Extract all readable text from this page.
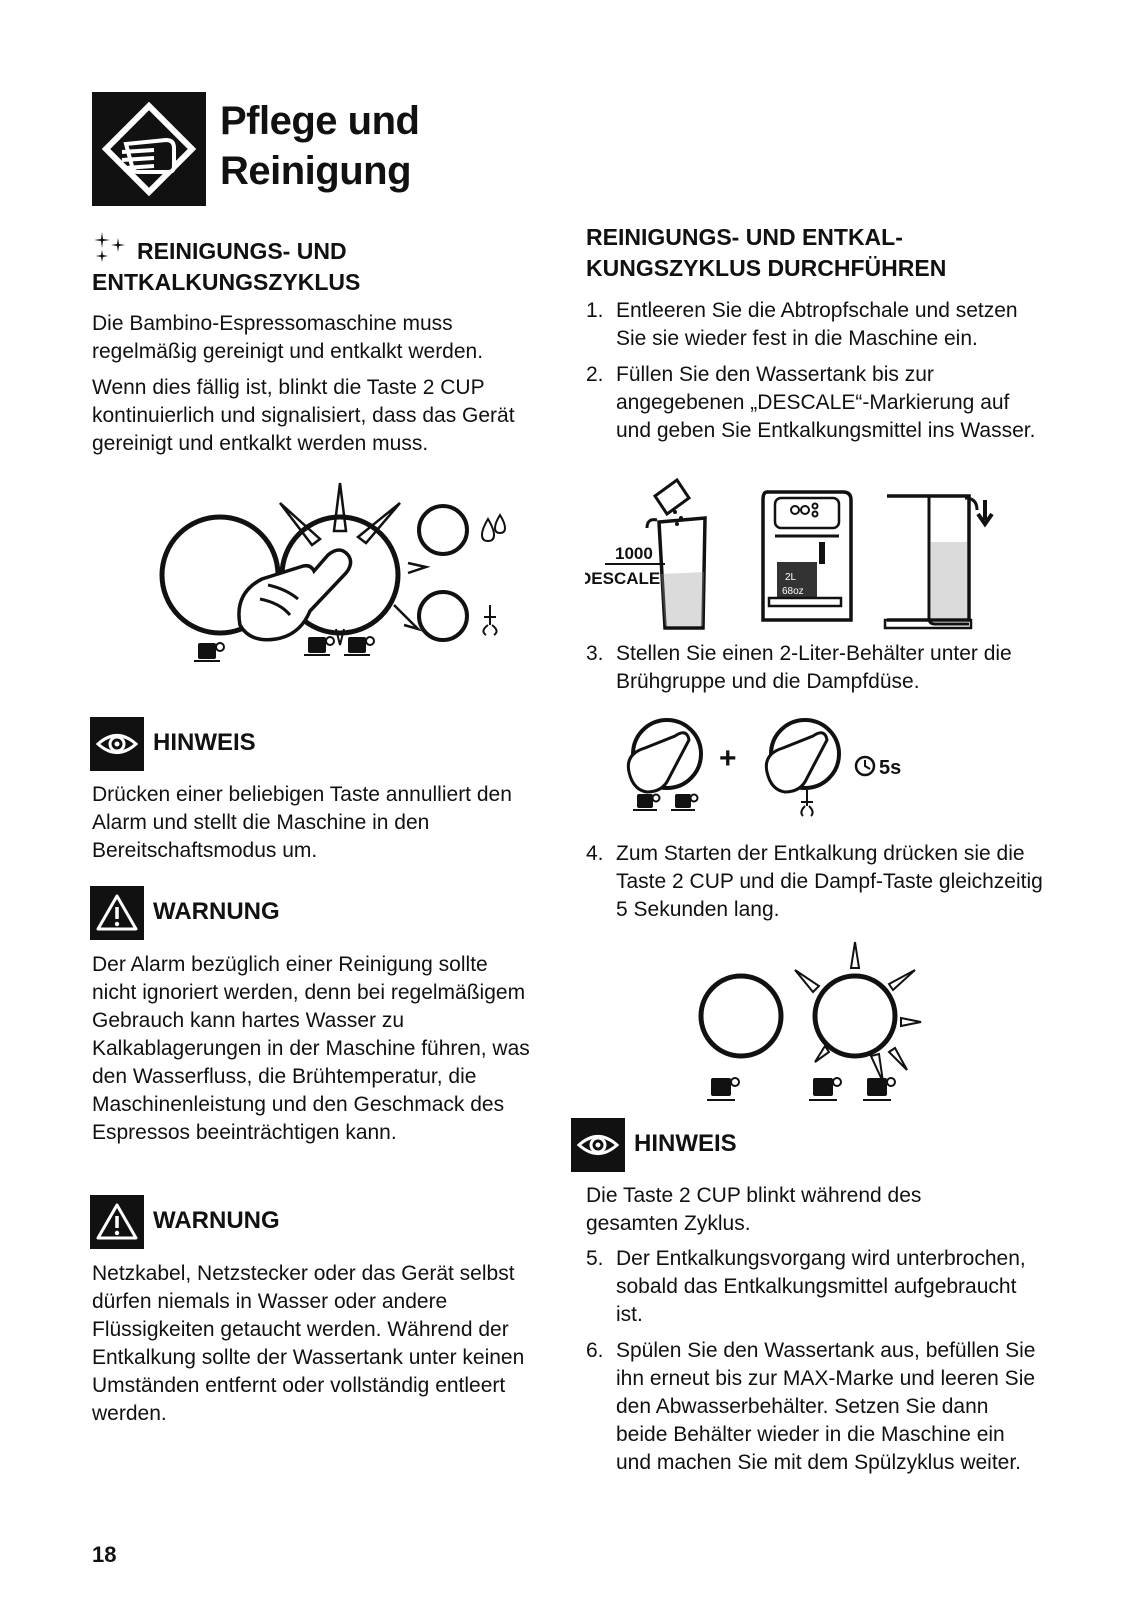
Pflege und
Reinigung
REINIGUNGS- UND
ENTKALKUNGSZYKLUS

Die Bambino-Espressomaschine muss regelmäßig gereinigt und entkalkt werden.

Wenn dies fällig ist, blinkt die Taste 2 CUP kontinuierlich und signalisiert, dass das Gerät gereinigt und entkalkt werden muss.

HINWEIS

Drücken einer beliebigen Taste annulliert den Alarm und stellt die Maschine in den Bereitschaftsmodus um.

WARNUNG

Der Alarm bezüglich einer Reinigung sollte nicht ignoriert werden, denn bei regelmäßigem Gebrauch kann hartes Wasser zu Kalkablagerungen in der Maschine führen, was den Wasserfluss, die Brühtemperatur, die Maschinenleistung und den Geschmack des Espressos beeinträchtigen kann.

WARNUNG

Netzkabel, Netzstecker oder das Gerät selbst dürfen niemals in Wasser oder andere Flüssigkeiten getaucht werden. Während der Entkalkung sollte der Wassertank unter keinen Umständen entfernt oder vollständig entleert werden.

REINIGUNGS- UND ENTKAL-
KUNGSZYKLUS DURCHFÜHREN
1. Entleeren Sie die Abtropfschale und setzen Sie sie wieder fest in die Maschine ein.
2. Füllen Sie den Wassertank bis zur angegebenen „DESCALE“-Markierung auf und geben Sie Entkalkungsmittel ins Wasser.
1000
DESCALE	2L
68oz
3. Stellen Sie einen 2-Liter-Behälter unter die Brühgruppe und die Dampfdüse.
+	5s
4. Zum Starten der Entkalkung drücken sie die Taste 2 CUP und die Dampf-Taste gleichzeitig 5 Sekunden lang.
HINWEIS

Die Taste 2 CUP blinkt während des gesamten Zyklus.

5. Der Entkalkungsvorgang wird unterbrochen, sobald das Entkalkungsmittel aufgebraucht ist.
6. Spülen Sie den Wassertank aus, befüllen Sie ihn erneut bis zur MAX-Marke und leeren Sie den Abwasserbehälter. Setzen Sie dann beide Behälter wieder in die Maschine ein und machen Sie mit dem Spülzyklus weiter.
18
